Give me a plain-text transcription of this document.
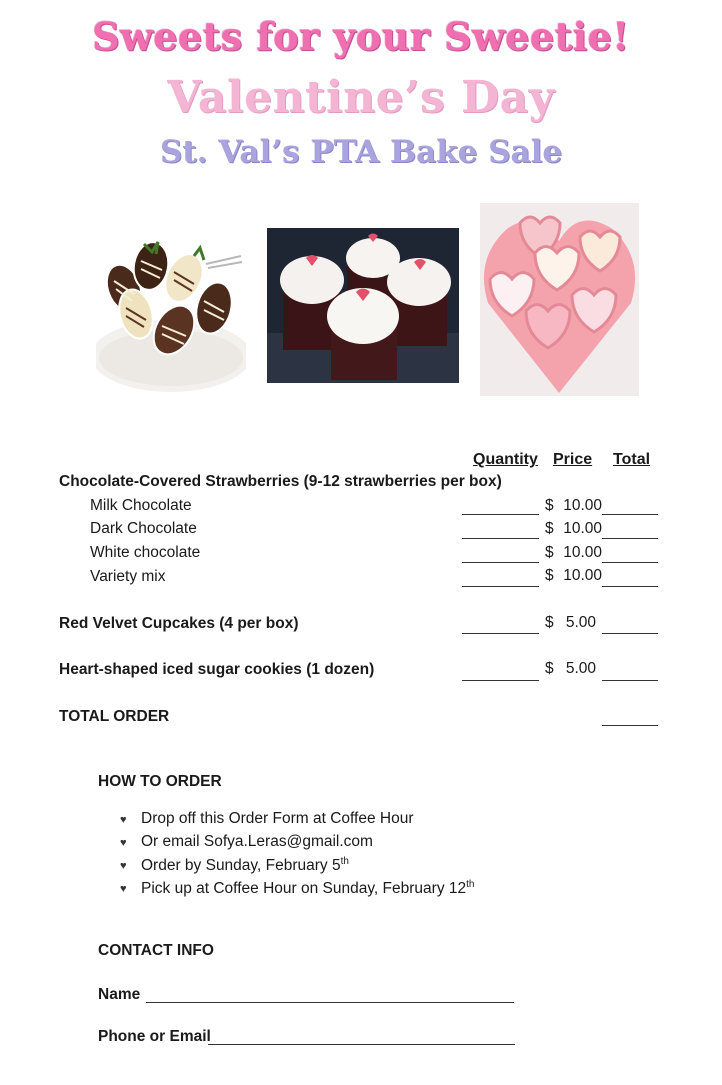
Sweets for your Sweetie!
Valentine’s Day
St. Val’s PTA Bake Sale
Quantity Price Total
Chocolate-Covered Strawberries (9-12 strawberries per box)
Milk Chocolate	$ 10.00
Dark Chocolate	$ 10.00
White chocolate	$ 10.00
Variety mix	$ 10.00
Red Velvet Cupcakes (4 per box)	$ 5.00
Heart-shaped iced sugar cookies (1 dozen)	$ 5.00
TOTAL ORDER
HOW TO ORDER
♥ Drop off this Order Form at Coffee Hour
♥ Or email Sofya.Leras@gmail.com
♥ Order by Sunday, February 5th
♥ Pick up at Coffee Hour on Sunday, February 12th
CONTACT INFO
Name
Phone or Email
